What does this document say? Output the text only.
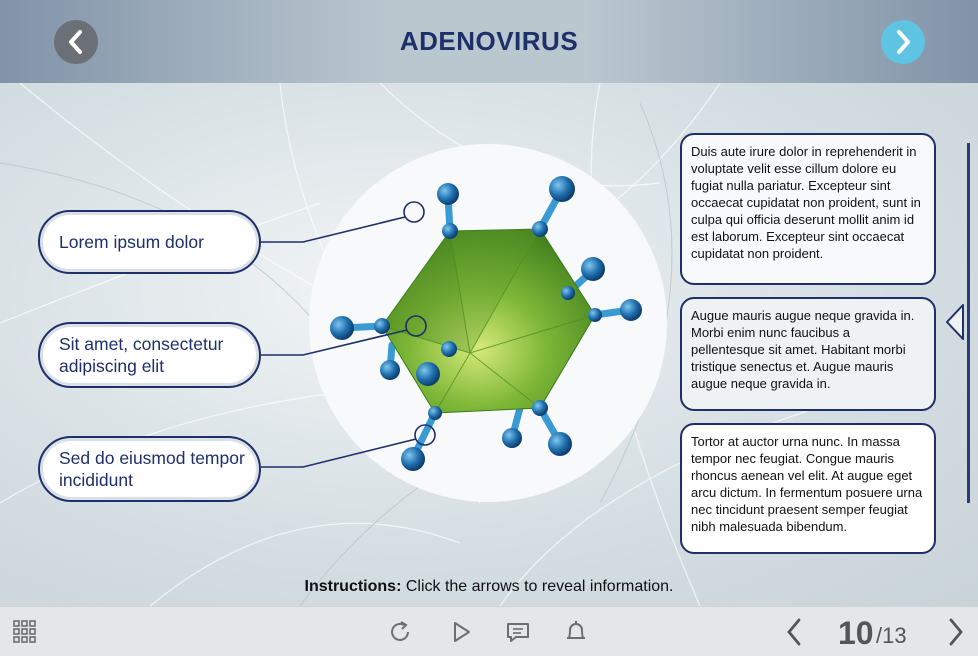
ADENOVIRUS
Lorem ipsum dolor
Sit amet, consectetur adipiscing elit
Sed do eiusmod tempor incididunt
Duis aute irure dolor in reprehenderit in voluptate velit esse cillum dolore eu fugiat nulla pariatur. Excepteur sint occaecat cupidatat non proident, sunt in culpa qui officia deserunt mollit anim id est laborum. Excepteur sint occaecat cupidatat non proident.
Augue mauris augue neque gravida in. Morbi enim nunc faucibus a pellentesque sit amet. Habitant morbi tristique senectus et. Augue mauris augue neque gravida in.
Tortor at auctor urna nunc. In massa tempor nec feugiat. Congue mauris rhoncus aenean vel elit. At augue eget arcu dictum. In fermentum posuere urna nec tincidunt praesent semper feugiat nibh malesuada bibendum.
Instructions: Click the arrows to reveal information.
10 /13
